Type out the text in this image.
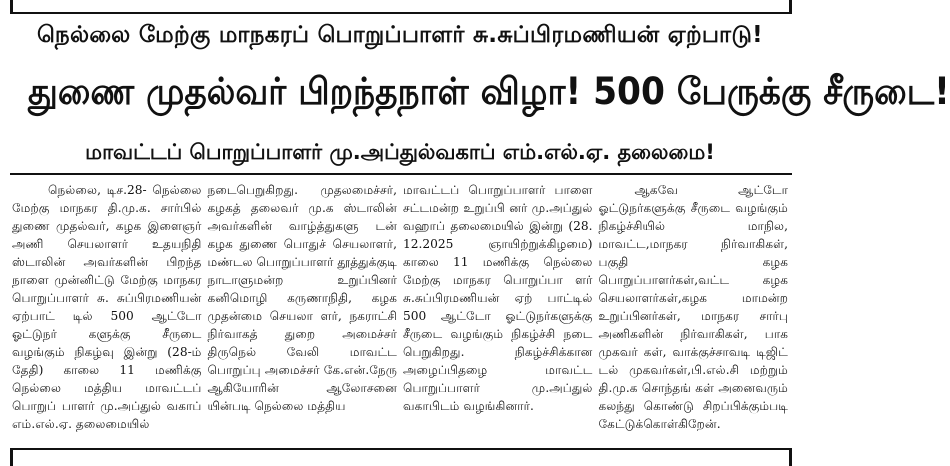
நெல்லை மேற்கு மாநகரப் பொறுப்பாளர் சு.சுப்பிரமணியன் ஏற்பாடு!
துணை முதல்வர் பிறந்தநாள் விழா! 500 பேருக்கு சீருடை!
மாவட்டப் பொறுப்பாளர் மு.அப்துல்வகாப் எம்.எல்.ஏ. தலைமை!

நெல்லை, டிச.28- நெல்லை மேற்கு மாநகர தி.மு.க. சார்பில் துணை முதல்வர், கழக இளைஞர் அணி செயலாளர் உதயநிதி ஸ்டாலின் அவர்களின் பிறந்த நாளை முன்னிட்டு மேற்கு மாநகர பொறுப்பாளர் சு. சுப்பிரமணியன் ஏற்பாட் டில் 500 ஆட்டோ ஓட்டுநர் களுக்கு சீருடை வழங்கும் நிகழ்வு இன்று (28-ம் தேதி) காலை 11 மணிக்கு நெல்லை மத்திய மாவட்டப் பொறுப் பாளர் மு.அப்துல் வகாப் எம்.எல்.ஏ. தலைமையில்

நடைபெறுகிறது. முதலமைச்சர், கழகத் தலைவர் மு.க ஸ்டாலின் அவர்களின் வாழ்த்துகளு டன் கழக துணை பொதுச் செயலாளர், மண்டல பொறுப்பாளர் தூத்துக்குடி நாடாளுமன்ற உறுப்பினர் கனிமொழி கருணாநிதி, கழக முதன்மை செயலா ளர், நகராட்சி நிர்வாகத் துறை அமைச்சர் திருநெல் வேலி மாவட்ட பொறுப்பு அமைச்சர் கே.என்.நேரு ஆகியோரின் ஆலோசனை யின்படி நெல்லை மத்திய

மாவட்டப் பொறுப்பாளர் பாளை சட்டமன்ற உறுப்பி னர் மு.அப்துல் வஹாப் தலைமையில் இன்று (28. 12.2025 ஞாயிற்றுக்கிழமை) காலை 11 மணிக்கு நெல்லை மேற்கு மாநகர பொறுப்பா ளர் சு.சுப்பிரமணியன் ஏற் பாட்டில் 500 ஆட்டோ ஓட்டுநர்களுக்கு சீருடை வழங்கும் நிகழ்ச்சி நடை பெறுகிறது. நிகழ்ச்சிக்கான அழைப்பிதழை மாவட்ட பொறுப்பாளர் மு.அப்துல் வகாபிடம் வழங்கினார்.

ஆகவே ஆட்டோ ஓட்டுநர்களுக்கு சீருடை வழங்கும் நிகழ்ச்சியில் மாநில, மாவட்ட,மாநகர நிர்வாகிகள், பகுதி கழக பொறுப்பாளர்கள்,வட்ட கழக செயலாளர்கள்,கழக மாமன்ற உறுப்பினர்கள், மாநகர சார்பு அணிகளின் நிர்வாகிகள், பாக முகவர் கள், வாக்குச்சாவடி டிஜிட் டல் முகவர்கள்,பி.எல்.சி மற்றும் தி.மு.க சொந்தங் கள் அனைவரும் கலந்து கொண்டு சிறப்பிக்கும்படி கேட்டுக்கொள்கிறேன்.
